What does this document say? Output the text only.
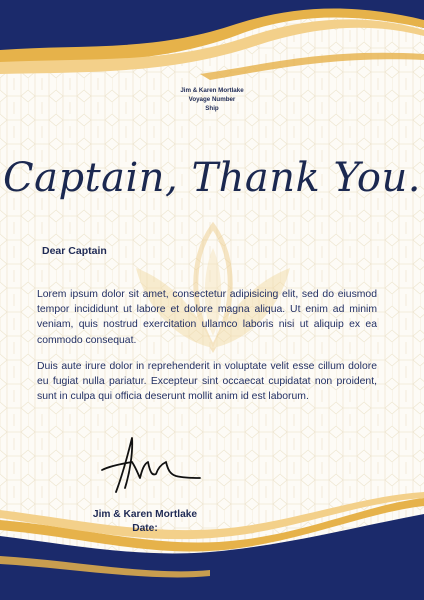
Jim & Karen Mortlake
Voyage Number
Ship
Captain, Thank You.
Dear Captain

Lorem ipsum dolor sit amet, consectetur adipisicing elit, sed do eiusmod tempor incididunt ut labore et dolore magna aliqua. Ut enim ad minim veniam, quis nostrud exercitation ullamco laboris nisi ut aliquip ex ea commodo consequat.

Duis aute irure dolor in reprehenderit in voluptate velit esse cillum dolore eu fugiat nulla pariatur. Excepteur sint occaecat cupidatat non proident, sunt in culpa qui officia deserunt mollit anim id est laborum.

Jim & Karen Mortlake
Date:
